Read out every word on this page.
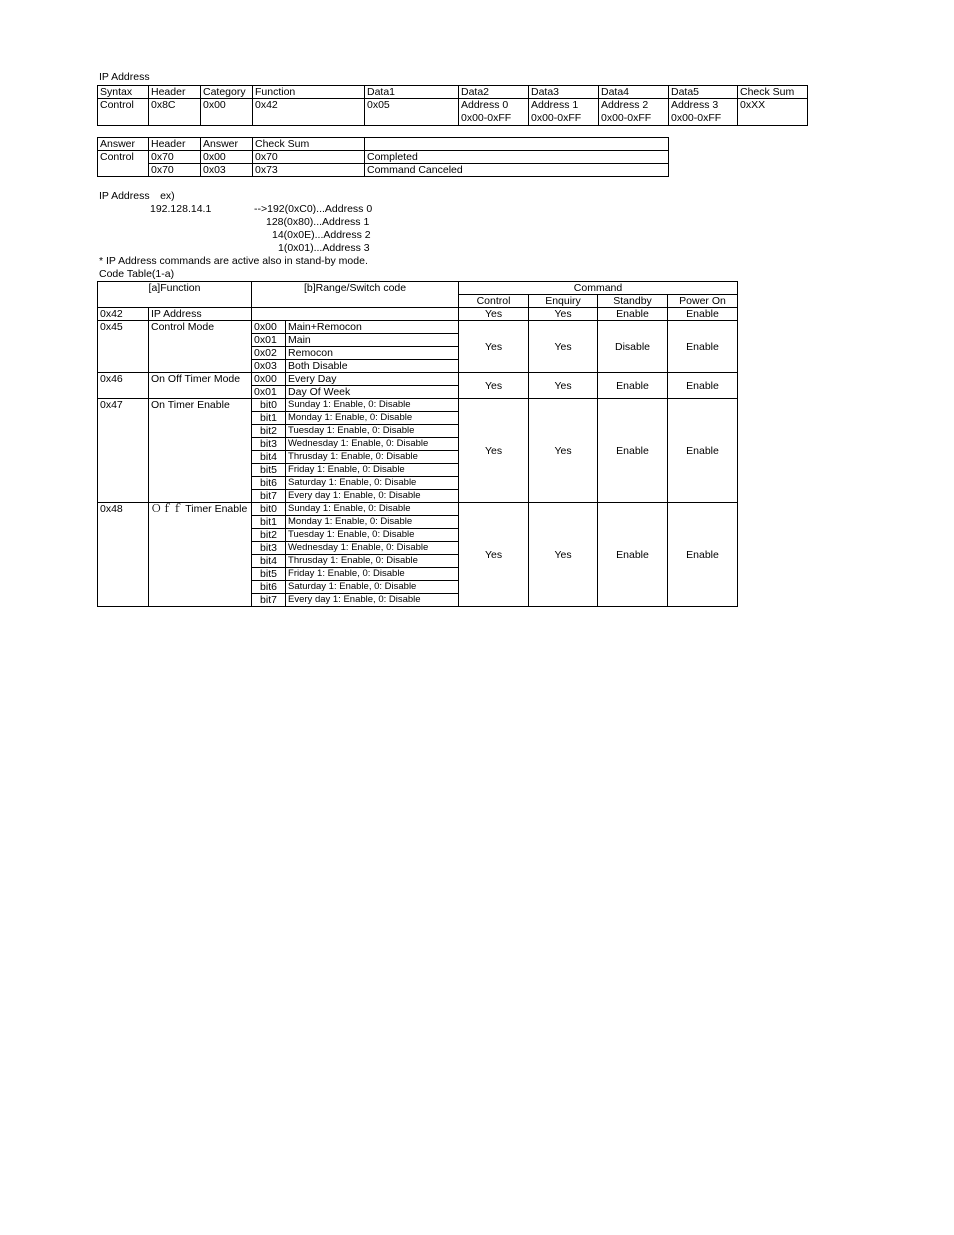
IP Address
Syntax	Header	Category	Function	Data1	Data2	Data3	Data4	Data5	Check Sum
Control	0x8C	0x00	0x42	0x05	Address 0	Address 1	Address 2	Address 3	0xXX
					0x00-0xFF	0x00-0xFF	0x00-0xFF	0x00-0xFF	
Answer	Header	Answer	Check Sum	
Control	0x70	0x00	0x70	Completed
	0x70	0x03	0x73	Command Canceled
IP Address　ex)
192.128.14.1	-->192(0xC0)...Address 0
128(0x80)...Address 1
14(0x0E)...Address 2
1(0x01)...Address 3
* IP Address commands are active also in stand-by mode.
Code Table(1-a)
[a]Function		[b]Range/Switch code		Command			
				Control	Enquiry	Standby	Power On
0x42	IP Address			Yes	Yes	Enable	Enable
0x45	Control Mode	0x00	Main+Remocon	Yes	Yes	Disable	Enable
		0x01	Main				
		0x02	Remocon				
		0x03	Both Disable				
0x46	On Off Timer Mode	0x00	Every Day	Yes	Yes	Enable	Enable
		0x01	Day Of Week				
0x47	On Timer Enable	bit0	Sunday 1: Enable, 0: Disable	Yes	Yes	Enable	Enable
		bit1	Monday 1: Enable, 0: Disable				
		bit2	Tuesday 1: Enable, 0: Disable				
		bit3	Wednesday 1: Enable, 0: Disable				
		bit4	Thrusday 1: Enable, 0: Disable				
		bit5	Friday 1: Enable, 0: Disable				
		bit6	Saturday 1: Enable, 0: Disable				
		bit7	Every day 1: Enable, 0: Disable				
0x48	Ｏｆｆ Timer Enable	bit0	Sunday 1: Enable, 0: Disable	Yes	Yes	Enable	Enable
		bit1	Monday 1: Enable, 0: Disable				
		bit2	Tuesday 1: Enable, 0: Disable				
		bit3	Wednesday 1: Enable, 0: Disable				
		bit4	Thrusday 1: Enable, 0: Disable				
		bit5	Friday 1: Enable, 0: Disable				
		bit6	Saturday 1: Enable, 0: Disable				
		bit7	Every day 1: Enable, 0: Disable				
